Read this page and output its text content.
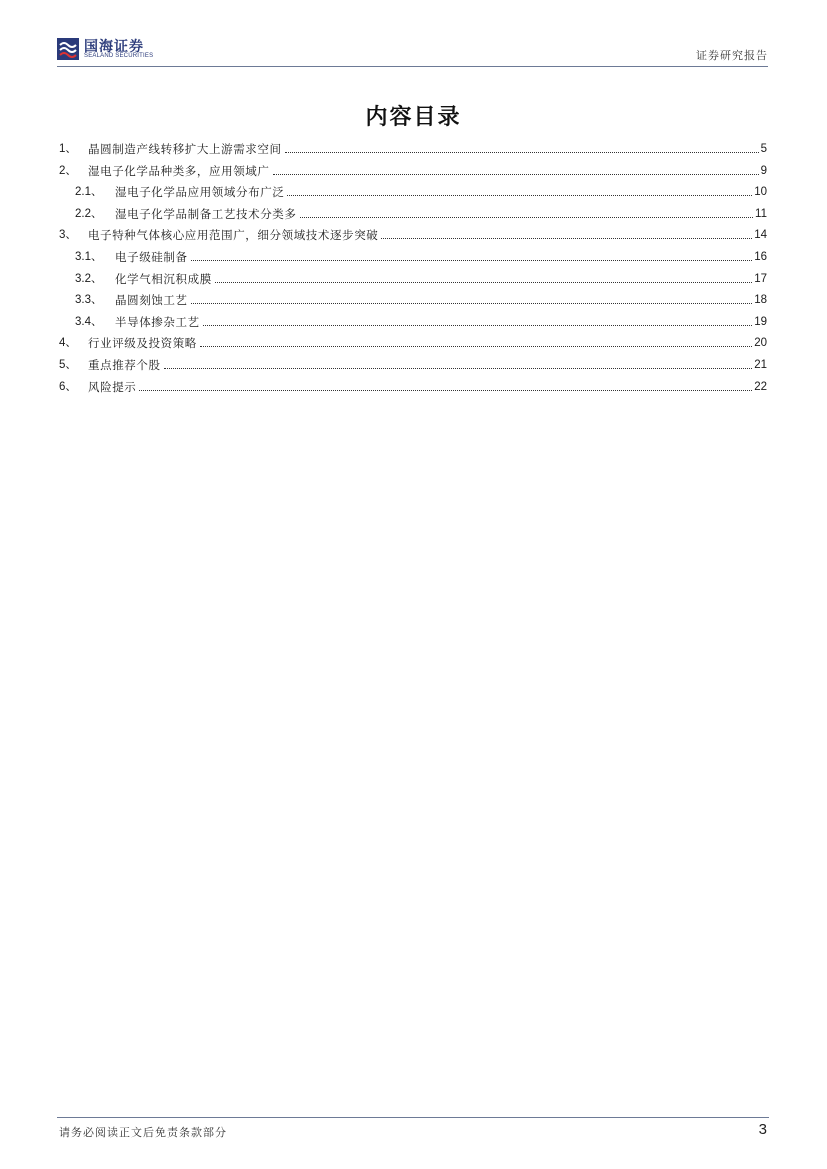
国海证券
SEALAND SECURITIES	证券研究报告
内容目录
1、 晶圆制造产线转移扩大上游需求空间	5
2、 湿电子化学品种类多，应用领域广	9
2.1、	湿电子化学品应用领域分布广泛	10
2.2、	湿电子化学品制备工艺技术分类多	11
3、 电子特种气体核心应用范围广，细分领域技术逐步突破	14
3.1、	电子级硅制备	16
3.2、	化学气相沉积成膜	17
3.3、	晶圆刻蚀工艺	18
3.4、	半导体掺杂工艺	19
4、 行业评级及投资策略	20
5、 重点推荐个股	21
6、 风险提示	22
请务必阅读正文后免责条款部分	3
